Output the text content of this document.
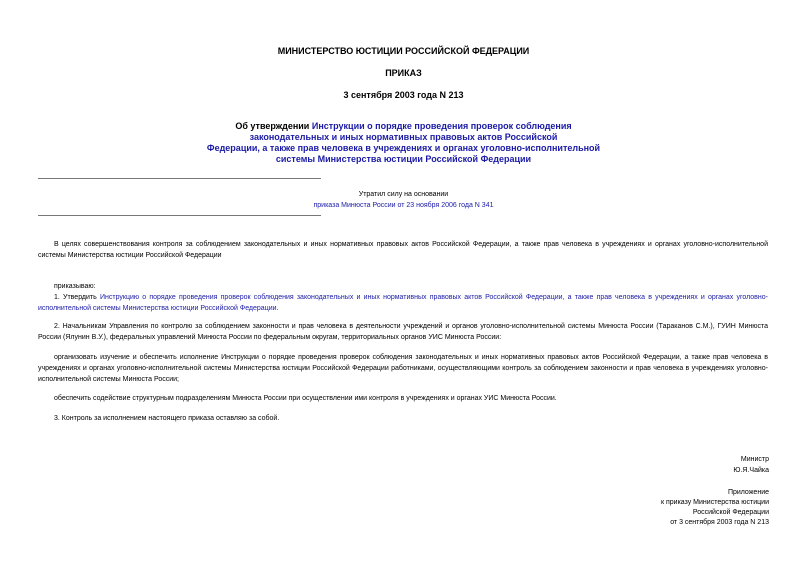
МИНИСТЕРСТВО ЮСТИЦИИ РОССИЙСКОЙ ФЕДЕРАЦИИ
ПРИКАЗ
3 сентября 2003 года N 213
Об утверждении Инструкции о порядке проведения проверок соблюдения
законодательных и иных нормативных правовых актов Российской
Федерации, а также прав человека в учреждениях и органах уголовно-исполнительной
системы Министерства юстиции Российской Федерации
Утратил силу на основании
приказа Минюста России от 23 ноября 2006 года N 341
В целях совершенствования контроля за соблюдением законодательных и иных нормативных правовых актов Российской Федерации, а также прав человека в учреждениях и органах уголовно-исполнительной системы Министерства юстиции Российской Федерации
приказываю:
1. Утвердить Инструкцию о порядке проведения проверок соблюдения законодательных и иных нормативных правовых актов Российской Федерации, а также прав человека в учреждениях и органах уголовно-исполнительной системы Министерства юстиции Российской Федерации.
2. Начальникам Управления по контролю за соблюдением законности и прав человека в деятельности учреждений и органов уголовно-исполнительной системы Минюста России (Тараканов С.М.), ГУИН Минюста России (Ялунин В.У.), федеральных управлений Минюста России по федеральным округам, территориальных органов УИС Минюста России:
организовать изучение и обеспечить исполнение Инструкции о порядке проведения проверок соблюдения законодательных и иных нормативных правовых актов Российской Федерации, а также прав человека в учреждениях и органах уголовно-исполнительной системы Министерства юстиции Российской Федерации работниками, осуществляющими контроль за соблюдением законности и прав человека в учреждениях уголовно-исполнительной системы Минюста России;
обеспечить содействие структурным подразделениям Минюста России при осуществлении ими контроля в учреждениях и органах УИС Минюста России.
3. Контроль за исполнением настоящего приказа оставляю за собой.
Министр
Ю.Я.Чайка
Приложение
к приказу Министерства юстиции
Российской Федерации
от 3 сентября 2003 года N 213
